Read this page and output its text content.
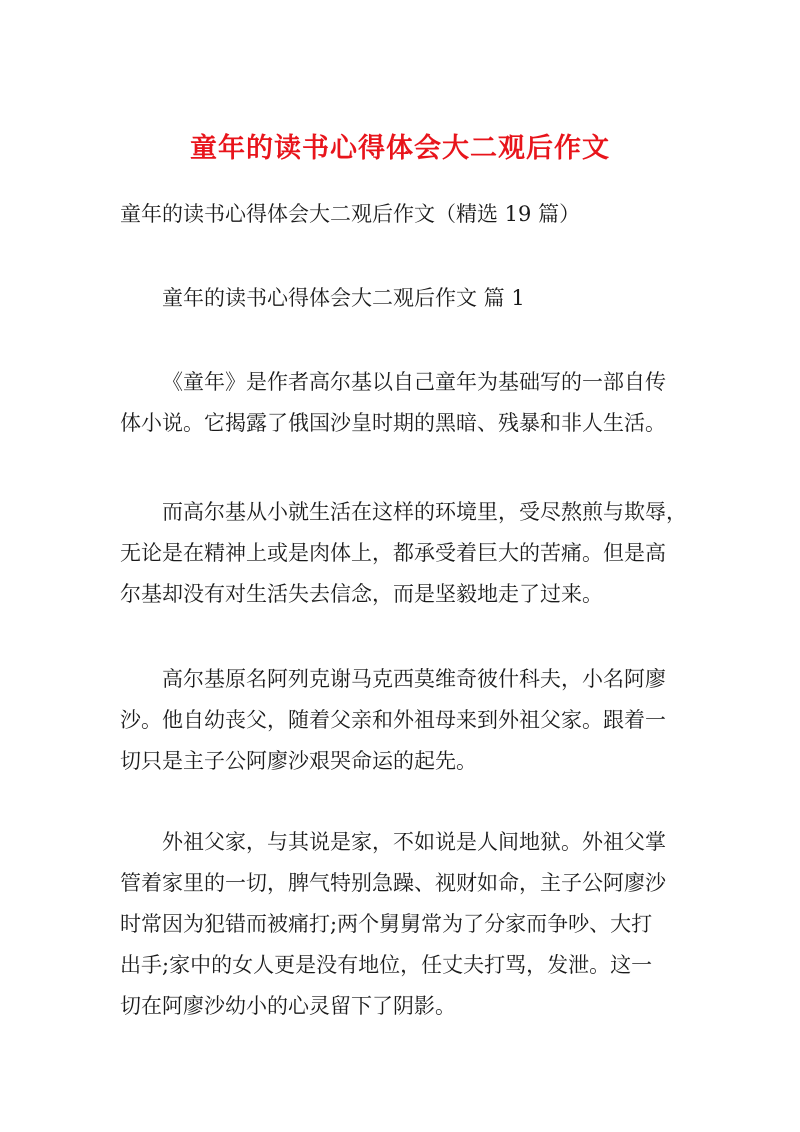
童年的读书心得体会大二观后作文

童年的读书心得体会大二观后作文（精选 19 篇）

童年的读书心得体会大二观后作文 篇 1

《童年》是作者高尔基以自己童年为基础写的一部自传
体小说。它揭露了俄国沙皇时期的黑暗、残暴和非人生活。
而高尔基从小就生活在这样的环境里，受尽熬煎与欺辱，
无论是在精神上或是肉体上，都承受着巨大的苦痛。但是高
尔基却没有对生活失去信念，而是坚毅地走了过来。
高尔基原名阿列克谢马克西莫维奇彼什科夫，小名阿廖
沙。他自幼丧父，随着父亲和外祖母来到外祖父家。跟着一
切只是主子公阿廖沙艰哭命运的起先。
外祖父家，与其说是家，不如说是人间地狱。外祖父掌
管着家里的一切，脾气特别急躁、视财如命，主子公阿廖沙
时常因为犯错而被痛打;两个舅舅常为了分家而争吵、大打
出手;家中的女人更是没有地位，任丈夫打骂，发泄。这一
切在阿廖沙幼小的心灵留下了阴影。
